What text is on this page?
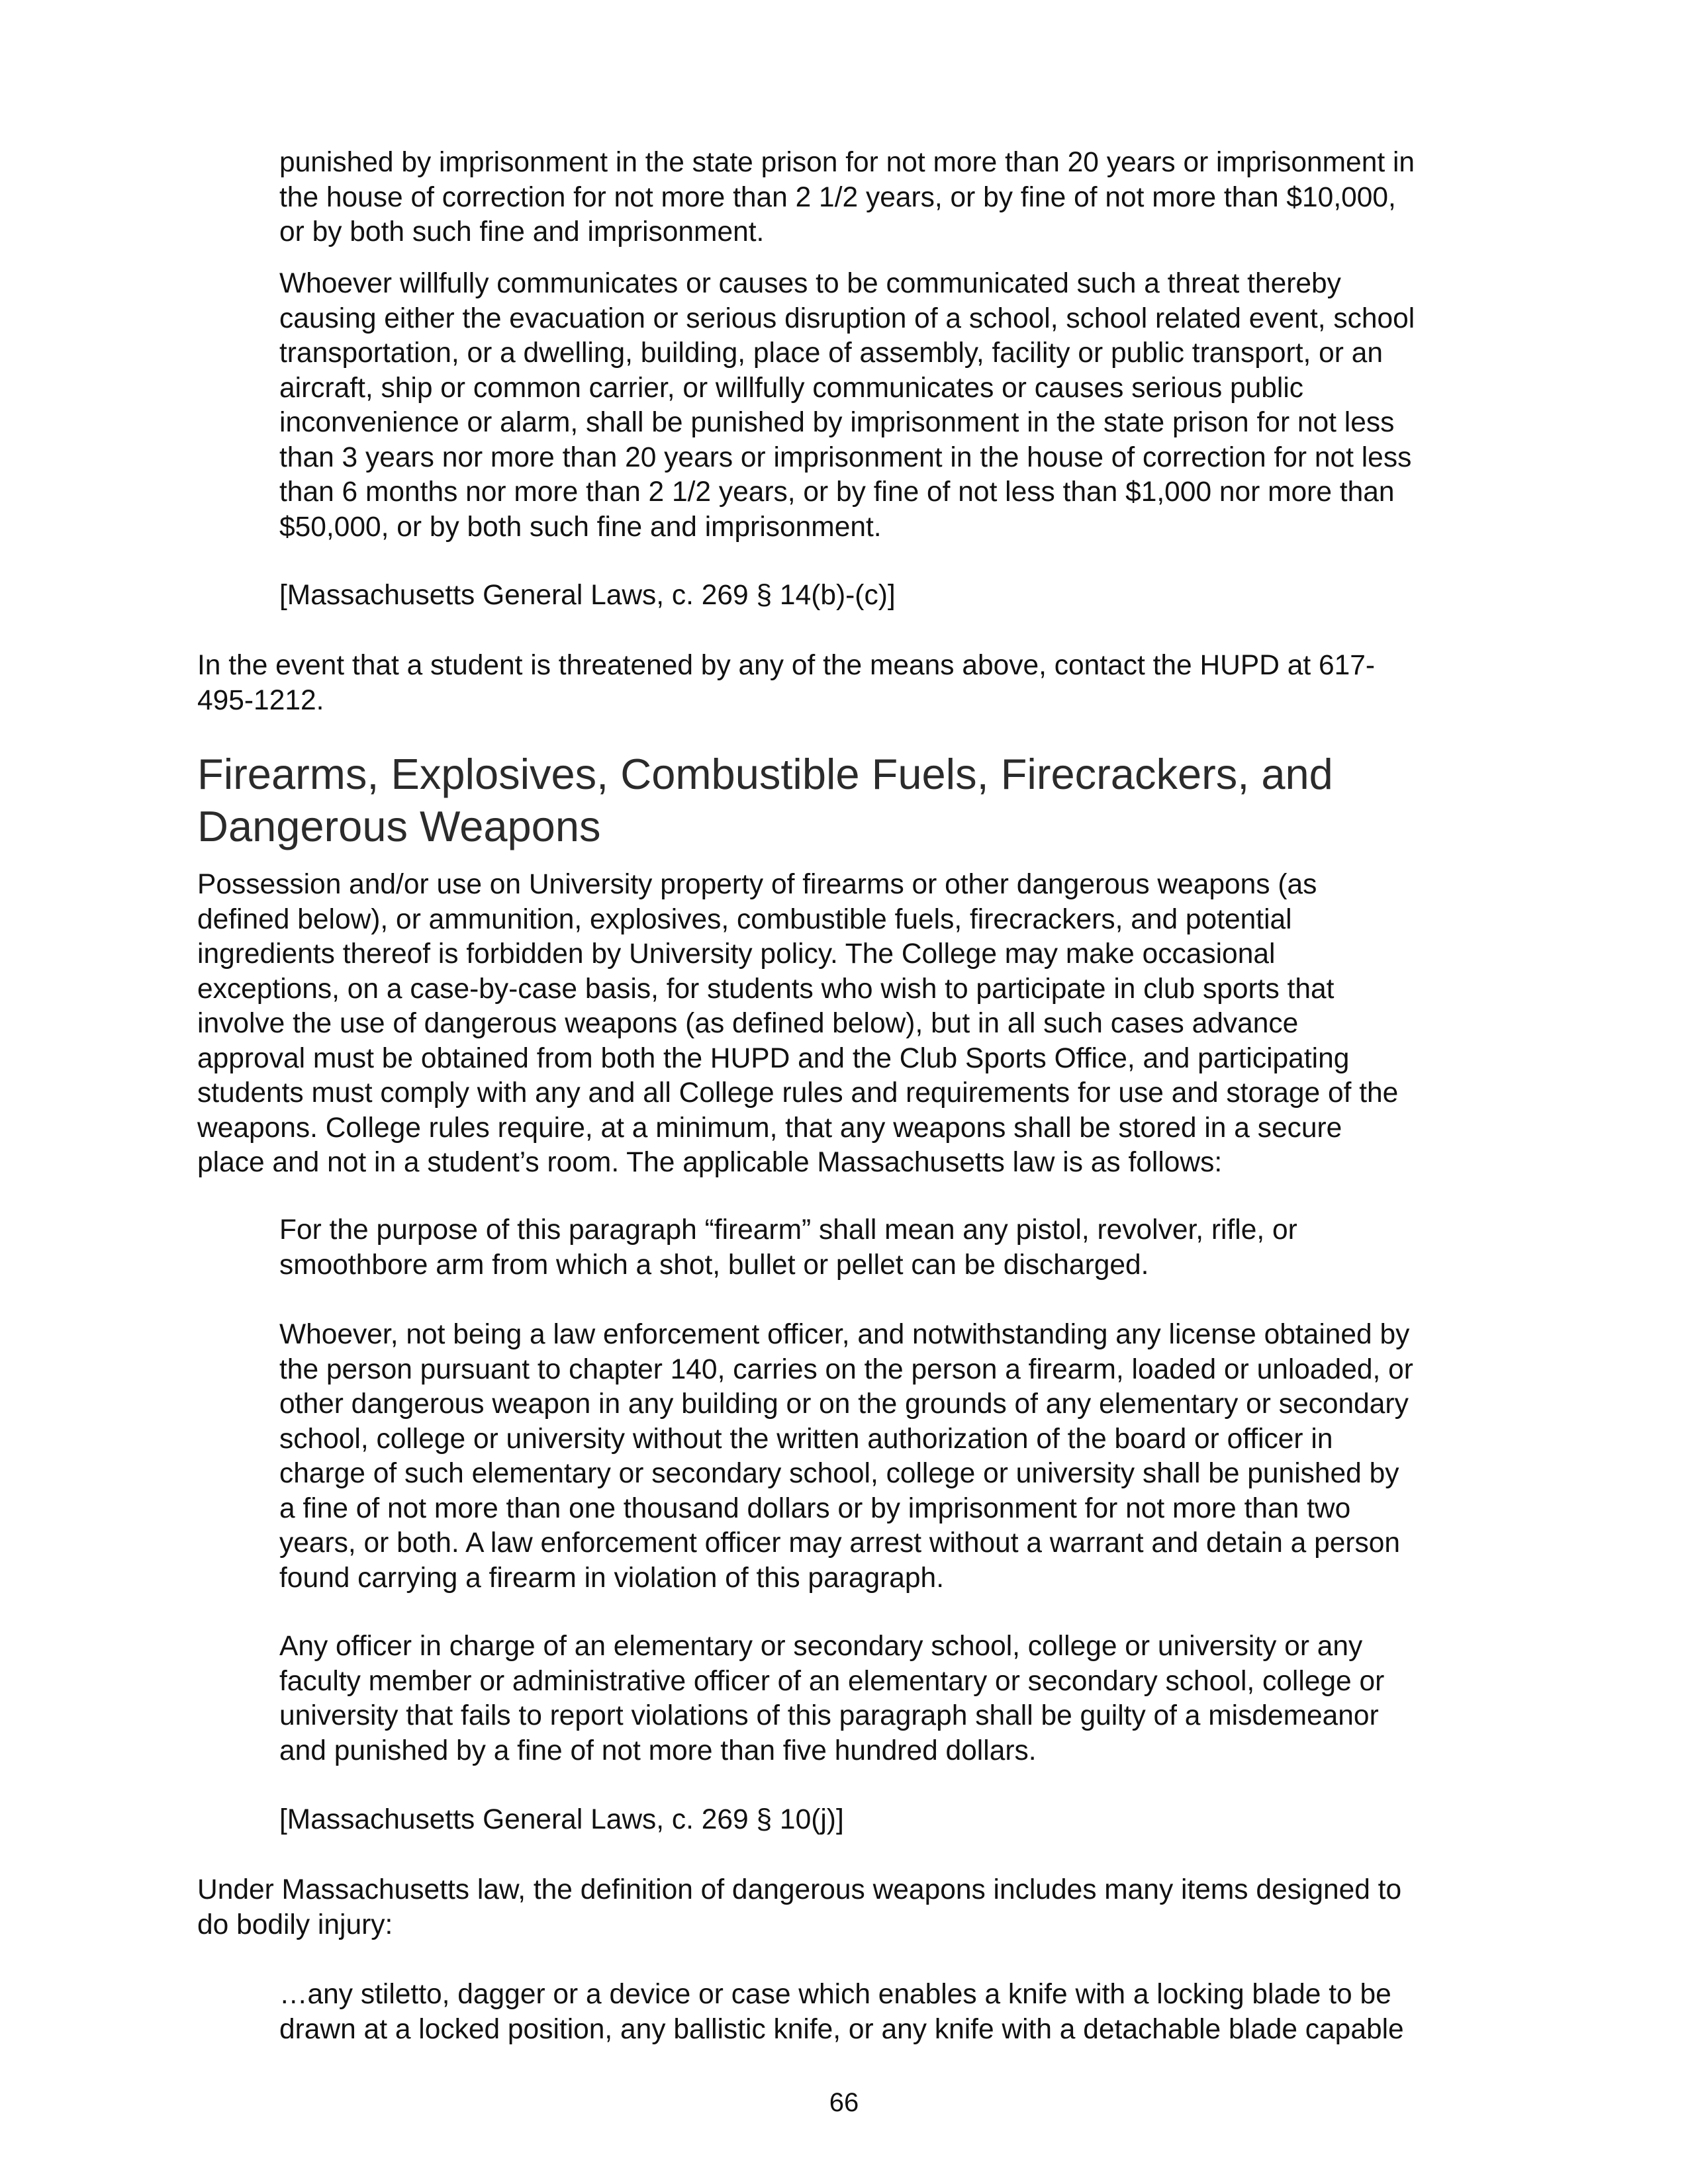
punished by imprisonment in the state prison for not more than 20 years or imprisonment in
the house of correction for not more than 2 1/2 years, or by fine of not more than $10,000,
or by both such fine and imprisonment.

Whoever willfully communicates or causes to be communicated such a threat thereby
causing either the evacuation or serious disruption of a school, school related event, school
transportation, or a dwelling, building, place of assembly, facility or public transport, or an
aircraft, ship or common carrier, or willfully communicates or causes serious public
inconvenience or alarm, shall be punished by imprisonment in the state prison for not less
than 3 years nor more than 20 years or imprisonment in the house of correction for not less
than 6 months nor more than 2 1/2 years, or by fine of not less than $1,000 nor more than
$50,000, or by both such fine and imprisonment.

[Massachusetts General Laws, c. 269 § 14(b)-(c)]

In the event that a student is threatened by any of the means above, contact the HUPD at 617-
495-1212.

Firearms, Explosives, Combustible Fuels, Firecrackers, and
Dangerous Weapons

Possession and/or use on University property of firearms or other dangerous weapons (as
defined below), or ammunition, explosives, combustible fuels, firecrackers, and potential
ingredients thereof is forbidden by University policy. The College may make occasional
exceptions, on a case-by-case basis, for students who wish to participate in club sports that
involve the use of dangerous weapons (as defined below), but in all such cases advance
approval must be obtained from both the HUPD and the Club Sports Office, and participating
students must comply with any and all College rules and requirements for use and storage of the
weapons. College rules require, at a minimum, that any weapons shall be stored in a secure
place and not in a student’s room. The applicable Massachusetts law is as follows:

For the purpose of this paragraph “firearm” shall mean any pistol, revolver, rifle, or
smoothbore arm from which a shot, bullet or pellet can be discharged.

Whoever, not being a law enforcement officer, and notwithstanding any license obtained by
the person pursuant to chapter 140, carries on the person a firearm, loaded or unloaded, or
other dangerous weapon in any building or on the grounds of any elementary or secondary
school, college or university without the written authorization of the board or officer in
charge of such elementary or secondary school, college or university shall be punished by
a fine of not more than one thousand dollars or by imprisonment for not more than two
years, or both. A law enforcement officer may arrest without a warrant and detain a person
found carrying a firearm in violation of this paragraph.

Any officer in charge of an elementary or secondary school, college or university or any
faculty member or administrative officer of an elementary or secondary school, college or
university that fails to report violations of this paragraph shall be guilty of a misdemeanor
and punished by a fine of not more than five hundred dollars.

[Massachusetts General Laws, c. 269 § 10(j)]

Under Massachusetts law, the definition of dangerous weapons includes many items designed to
do bodily injury:

…any stiletto, dagger or a device or case which enables a knife with a locking blade to be
drawn at a locked position, any ballistic knife, or any knife with a detachable blade capable

66
